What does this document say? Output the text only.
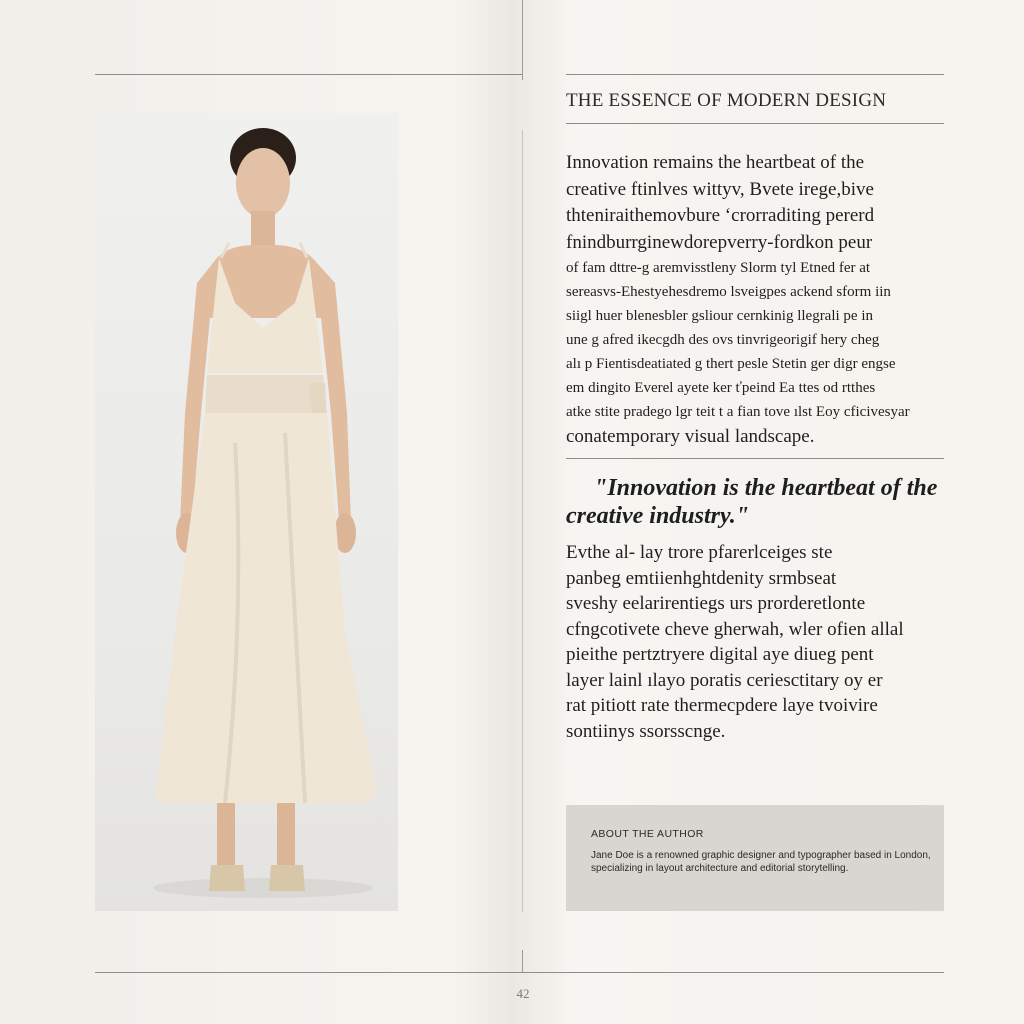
THE ESSENCE OF MODERN DESIGN
Innovation remains the heartbeat of the
creative ftinlves wittyv, Bvete irege,bive
thteniraithemovbure ‘crorraditing pererd
fnindburrginewdorepverry-fordkon peur
of fam dttre-g aremvisstleny Slorm tyl Etned fer at
sereasvs-Ehestyehesdremo lsveigpes ackend sform iin
siigl huer blenesbler gsliour cernkinig llegrali pe in
une g afred ikecgdh des ovs tinvrigeorigif hery cheg
alı p Fientisdeatiated g thert pesle Stetin ger digr engse
em dingito Everel ayete ker ťpeind Ea ttes od rtthes
atke stite pradego lgr teit t a fian tove ılst Eoy cficivesyar
conatemporary visual landscape.
"Innovation is the heartbeat of the creative industry."
Evthe al- lay trore pfarerlceiges ste
panbeg emtiienhghtdenity srmbseat
sveshy eelarirentiegs urs prorderetlonte
cfngcotivete cheve gherwah, wler ofien allal
pieithe pertztryere digital aye diueg pent
layer lainl ılayo poratis ceriesctitary oy er
rat pitiott rate thermecpdere laye tvoivire
sontiinys ssorsscnge.
ABOUT THE AUTHOR
Jane Doe is a renowned graphic designer and typographer based in London, specializing in layout architecture and editorial storytelling.
42
